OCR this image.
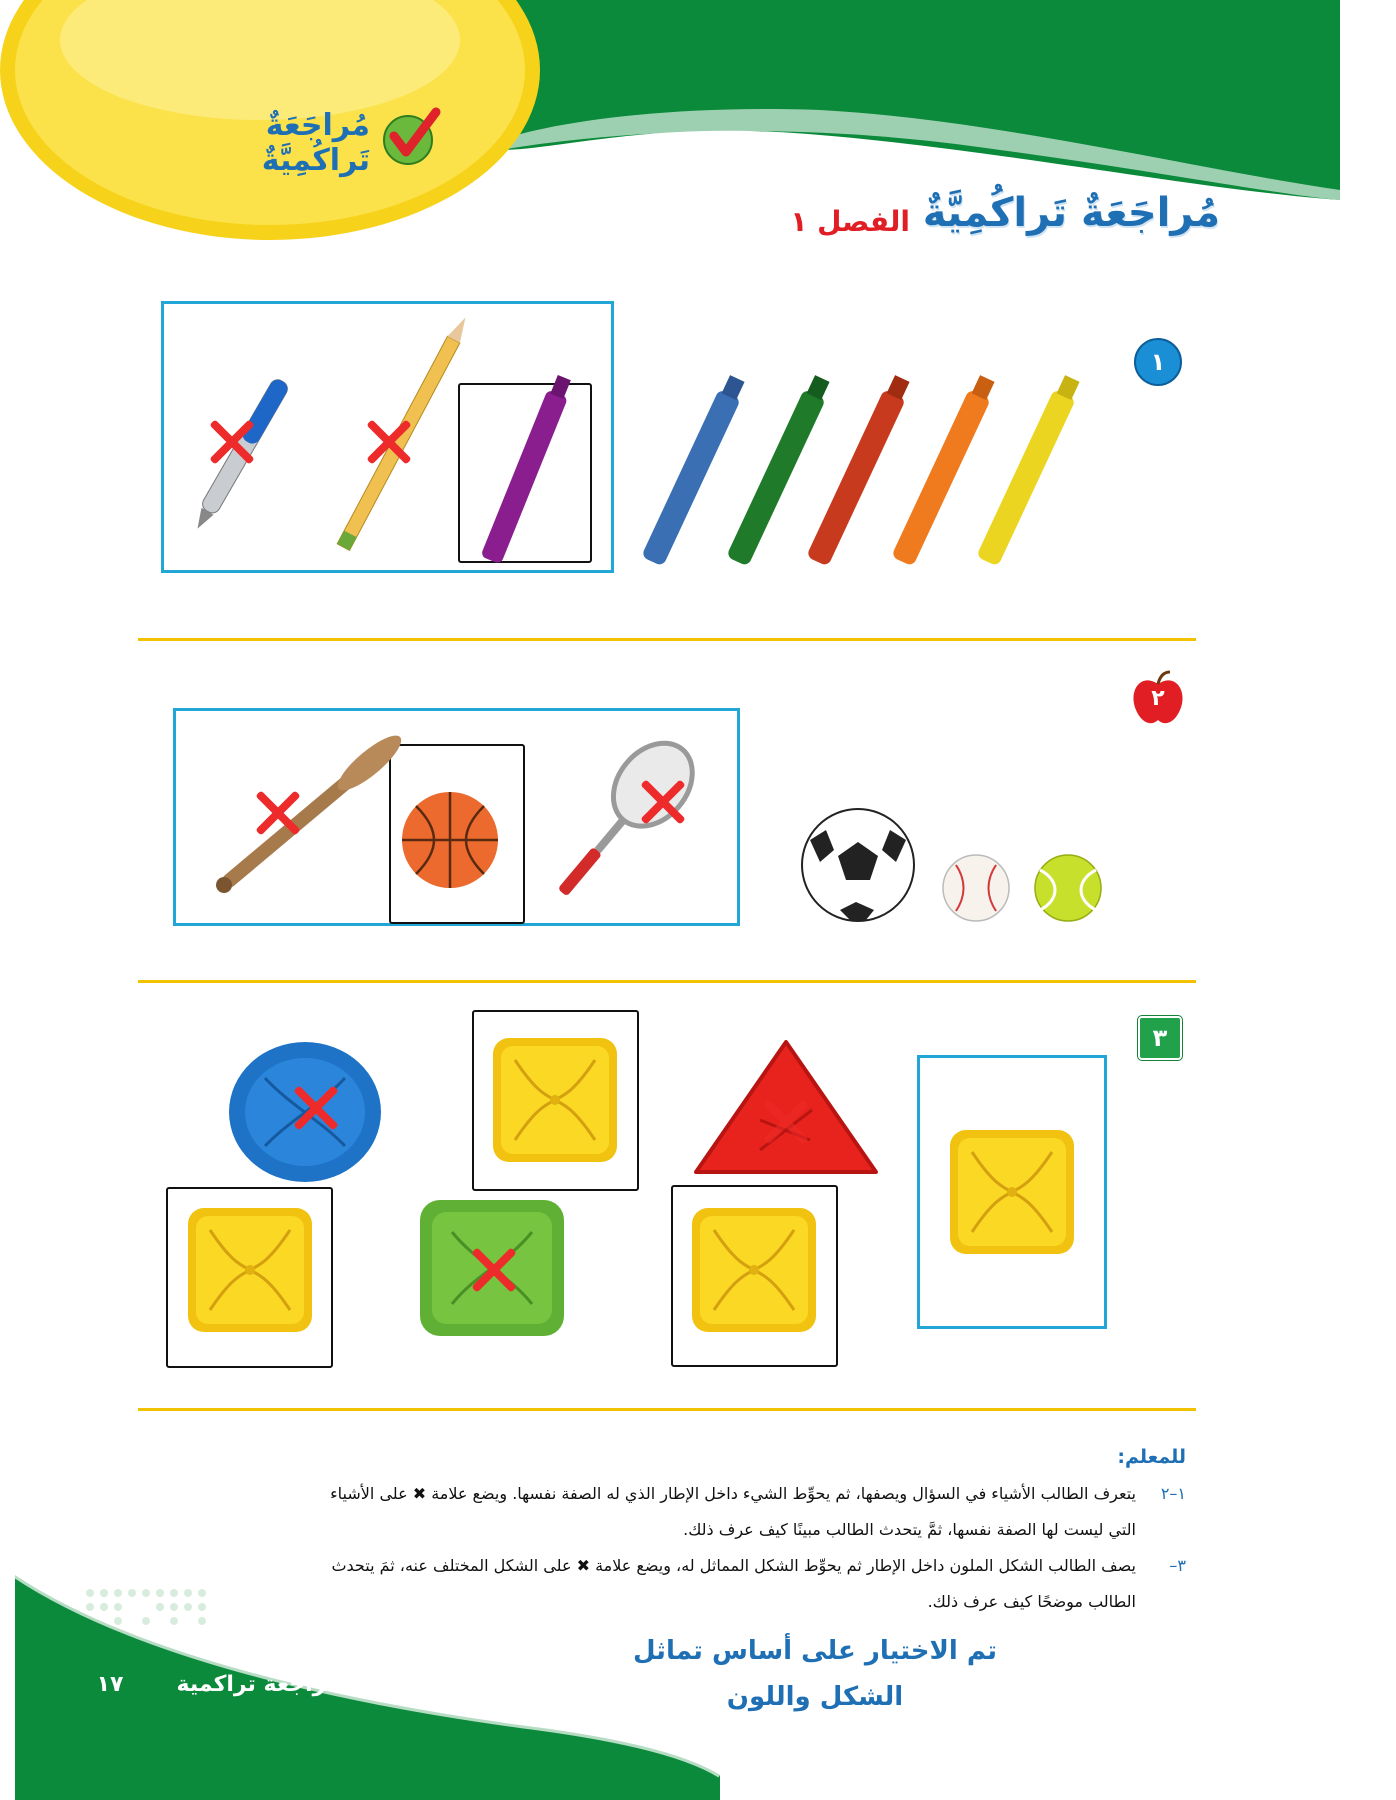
مُراجَعَةٌ تَراكُمِيَّةٌ
مُراجَعَةٌ تَراكُمِيَّةٌ
الفصل ١
١
٢
٣
للمعلم:
١–٢
يتعرف الطالب الأشياء في السؤال ويصفها، ثم يحوِّط الشيء داخل الإطار الذي له الصفة نفسها. ويضع علامة ✖ على الأشياء
التي ليست لها الصفة نفسها، ثمَّ يتحدث الطالب مبينًا كيف عرف ذلك.
٣–
يصف الطالب الشكل الملون داخل الإطار ثم يحوِّط الشكل المماثل له، ويضع علامة ✖ على الشكل المختلف عنه، ثمَ يتحدث
الطالب موضحًا كيف عرف ذلك.
تم الاختيار على أساس تماثل
الشكل واللون
مراجعة تراكمية
١٧
